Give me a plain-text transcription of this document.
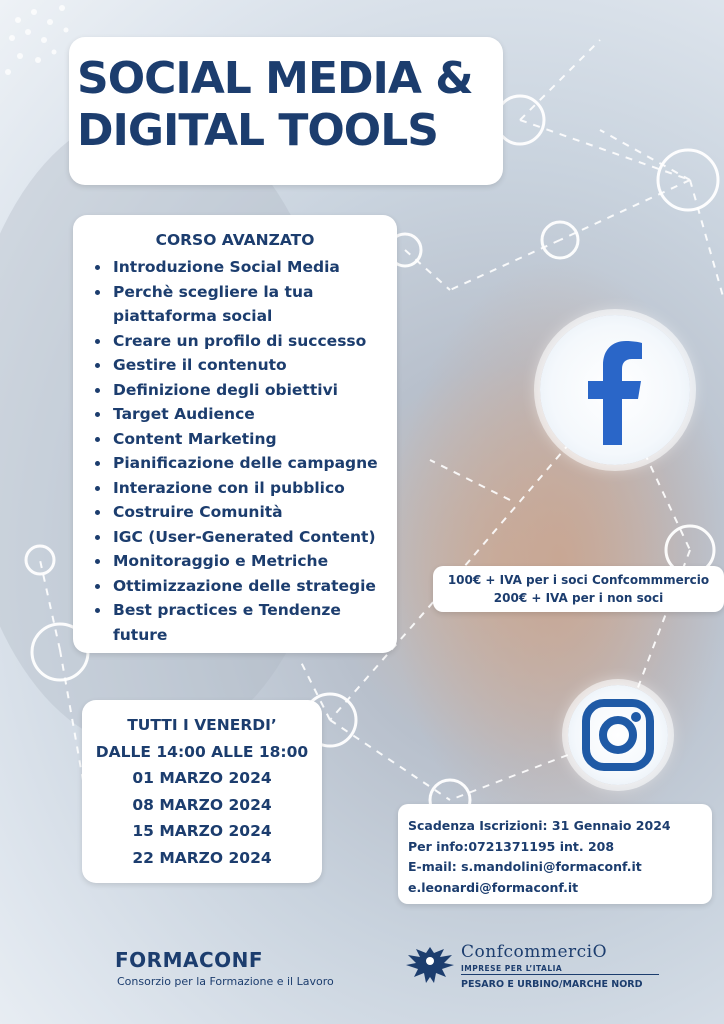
SOCIAL MEDIA &
DIGITAL TOOLS
CORSO AVANZATO
Introduzione Social Media
Perchè scegliere la tua piattaforma social
Creare un profilo di successo
Gestire il contenuto
Definizione degli obiettivi
Target Audience
Content Marketing
Pianificazione delle campagne
Interazione con il pubblico
Costruire Comunità
IGC (User-Generated Content)
Monitoraggio e Metriche
Ottimizzazione delle strategie
Best practices e Tendenze future
100€ + IVA per i soci Confcommmercio
200€ + IVA per i non soci
TUTTI I VENERDI’
DALLE 14:00 ALLE 18:00
01 MARZO 2024
08 MARZO 2024
15 MARZO 2024
22 MARZO 2024
Scadenza Iscrizioni: 31 Gennaio 2024
Per info:0721371195 int. 208
E-mail: s.mandolini@formaconf.it
e.leonardi@formaconf.it
FORMACONF
Consorzio per la Formazione e il Lavoro
ConfcommerciO
IMPRESE PER L’ITALIA
PESARO E URBINO/MARCHE NORD
